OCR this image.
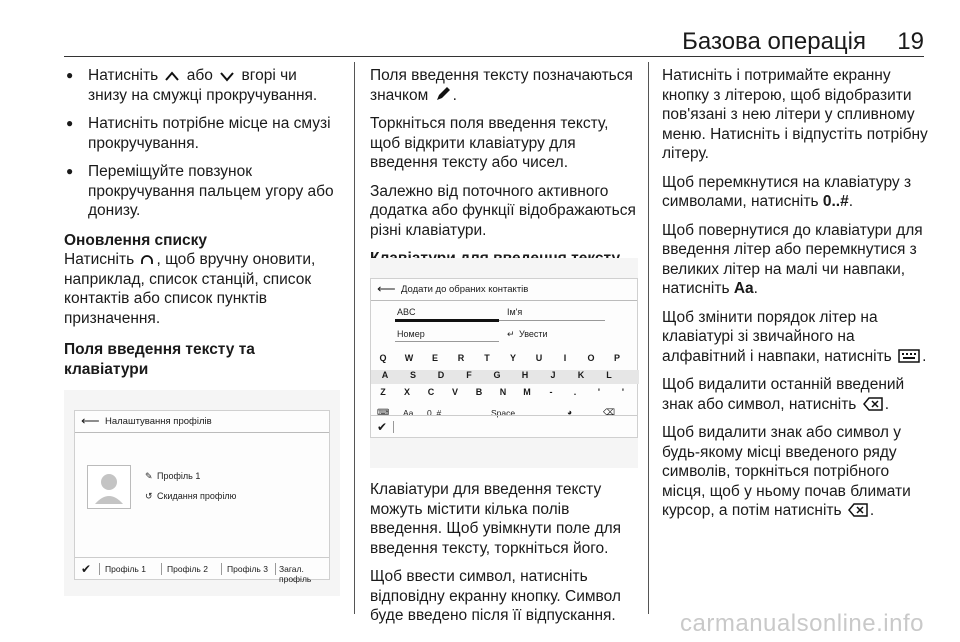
Базова операція 19
● Натисніть або вгорі чи знизу на смужці прокручування.
● Натисніть потрібне місце на смузі прокручування.
● Переміщуйте повзунок прокручування пальцем угору або донизу.
Оновлення списку
Натисніть , щоб вручну оновити, наприклад, список станцій, список контактів або список пунктів призначення.
Поля введення тексту та клавіатури
⟵ Налаштування профілів
✎ Профіль 1
↺ Скидання профілю
✔ Профіль 1 Профіль 2 Профіль 3 Загал. профіль
Поля введення тексту позначаються значком .
Торкніться поля введення тексту, щоб відкрити клавіатуру для введення тексту або чисел.
Залежно від поточного активного додатка або функції відображаються різні клавіатури.
⟵ Додати до обраних контактів
ABC	Ім'я
Номер	↵ Увести
Q	W	E	R	T	Y	U	I	O	P
A	S	D	F	G	H	J	K	L
Z	X	C	V	B	N	M	-	.	'	'
⌨ Aa 0..#	Space	◕	⌫
✔
Клавіатури для введення тексту можуть містити кілька полів введення. Щоб увімкнути поле для введення тексту, торкніться його.
Щоб ввести символ, натисніть відповідну екранну кнопку. Символ буде введено після її відпускання.
Натисніть і потримайте екранну кнопку з літерою, щоб відобразити пов'язані з нею літери у спливному меню. Натисніть і відпустіть потрібну літеру.
Щоб перемкнутися на клавіатуру з символами, натисніть 0..#.
Щоб повернутися до клавіатури для введення літер або перемкнутися з великих літер на малі чи навпаки, натисніть Aa.
Щоб змінити порядок літер на клавіатурі зі звичайного на алфавітний і навпаки, натисніть .
Щоб видалити останній введений знак або символ, натисніть .
Щоб видалити знак або символ у будь-якому місці введеного ряду символів, торкніться потрібного місця, щоб у ньому почав блимати курсор, а потім натисніть .
carmanualsonline.info
